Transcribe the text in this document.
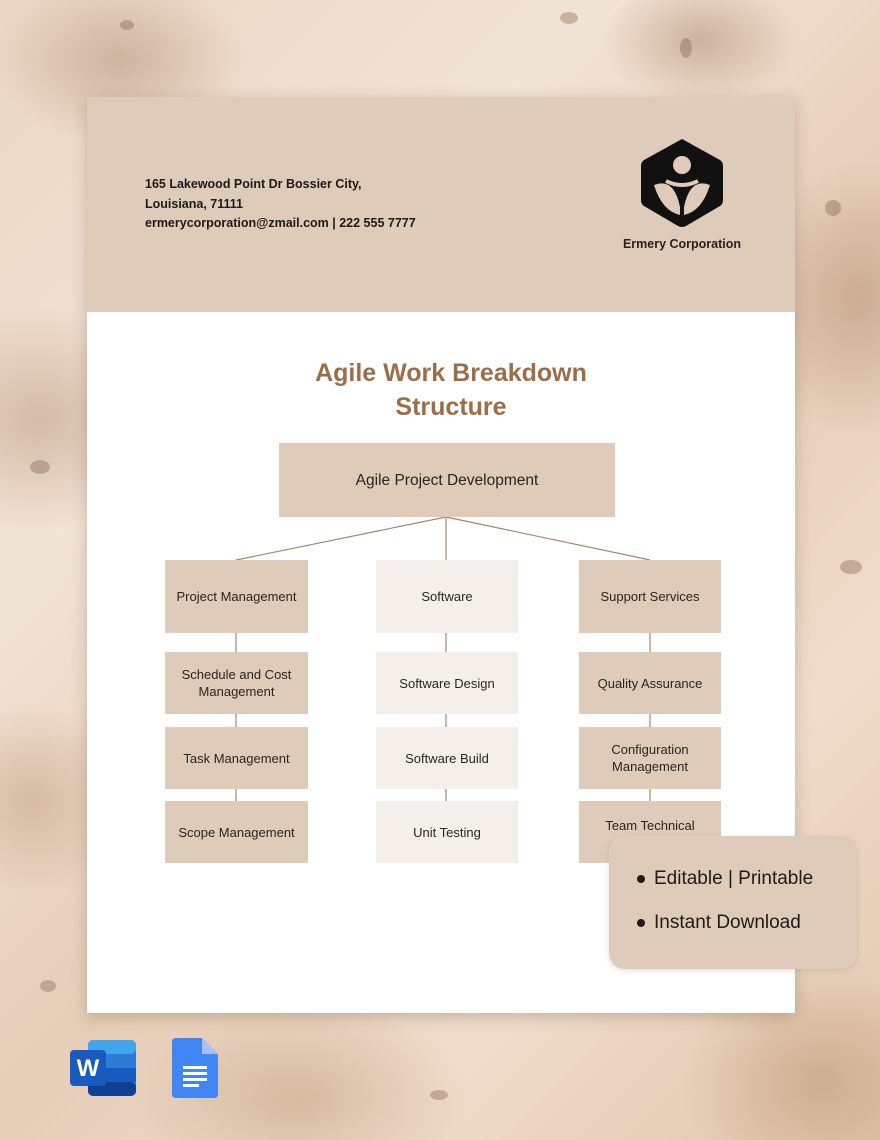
165 Lakewood Point Dr Bossier City,
Louisiana, 71111
ermerycorporation@zmail.com | 222 555 7777
Ermery Corporation
Agile Work Breakdown
Structure
Agile Project Development
Project Management
Schedule and Cost Management
Task Management
Scope Management
Software
Software Design
Software Build
Unit Testing
Support Services
Quality Assurance
Configuration Management
Team Technical
Editable | Printable
Instant Download
W
